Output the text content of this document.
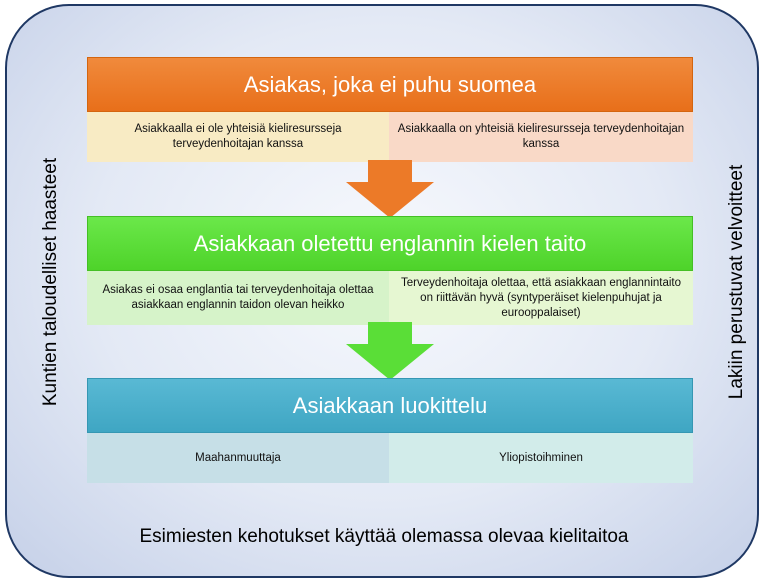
Kuntien taloudelliset haasteet	Lakiin perustuvat velvoitteet
Asiakas, joka ei puhu suomea
Asiakkaalla ei ole yhteisiä kieliresursseja terveydenhoitajan kanssa
Asiakkaalla on yhteisiä kieliresursseja terveydenhoitajan kanssa
Asiakkaan oletettu englannin kielen taito
Asiakas ei osaa englantia tai terveydenhoitaja olettaa asiakkaan englannin taidon olevan heikko
Terveydenhoitaja olettaa, että asiakkaan englannintaito on riittävän hyvä (syntyperäiset kielenpuhujat ja eurooppalaiset)
Asiakkaan luokittelu
Maahanmuuttaja	Yliopistoihminen
Esimiesten kehotukset käyttää olemassa olevaa kielitaitoa
